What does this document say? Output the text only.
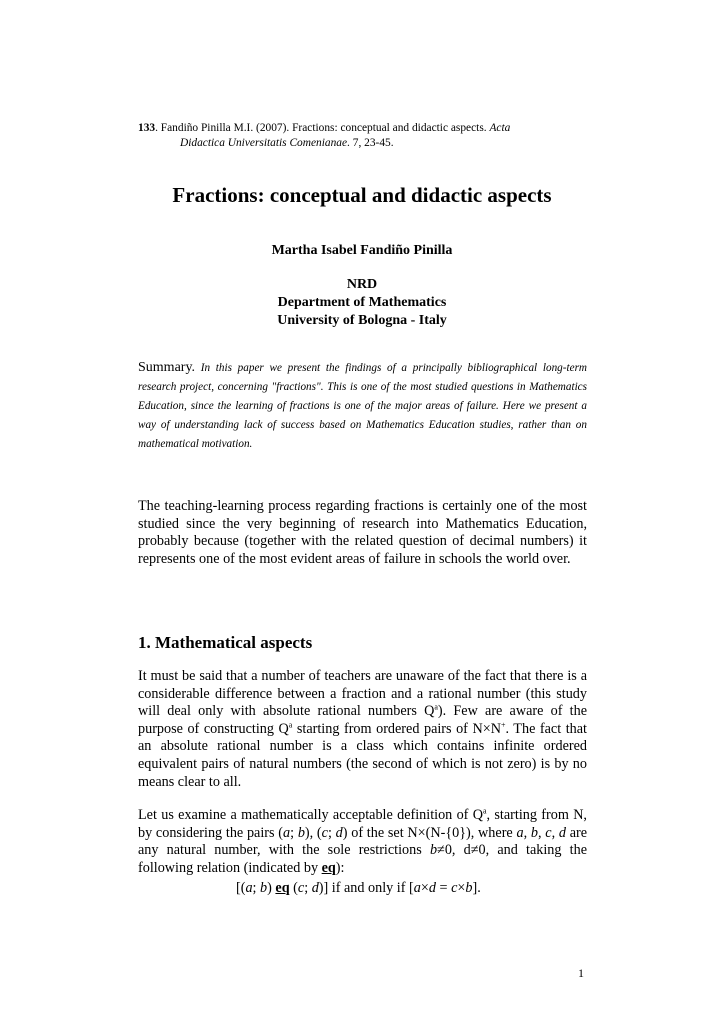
133. Fandiño Pinilla M.I. (2007). Fractions: conceptual and didactic aspects. Acta
Didactica Universitatis Comenianae. 7, 23-45.
Fractions: conceptual and didactic aspects
Martha Isabel Fandiño Pinilla
NRD
Department of Mathematics
University of Bologna - Italy
Summary. In this paper we present the findings of a principally bibliographical long-term research project, concerning "fractions". This is one of the most studied questions in Mathematics Education, since the learning of fractions is one of the major areas of failure. Here we present a way of understanding lack of success based on Mathematics Education studies, rather than on mathematical motivation.
The teaching-learning process regarding fractions is certainly one of the most studied since the very beginning of research into Mathematics Education, probably because (together with the related question of decimal numbers) it represents one of the most evident areas of failure in schools the world over.
1. Mathematical aspects
It must be said that a number of teachers are unaware of the fact that there is a considerable difference between a fraction and a rational number (this study will deal only with absolute rational numbers $Q^a$). Few are aware of the purpose of constructing $Q^a$ starting from ordered pairs of N×N+. The fact that an absolute rational number is a class which contains infinite ordered equivalent pairs of natural numbers (the second of which is not zero) is by no means clear to all.
Let us examine a mathematically acceptable definition of $Q^a$, starting from N, by considering the pairs (a; b), (c; d) of the set N×(N-{0}), where a, b, c, d are any natural number, with the sole restrictions b≠0, d≠0, and taking the following relation (indicated by eq):
[(a; b) eq (c; d)] if and only if [a×d = c×b].
1
